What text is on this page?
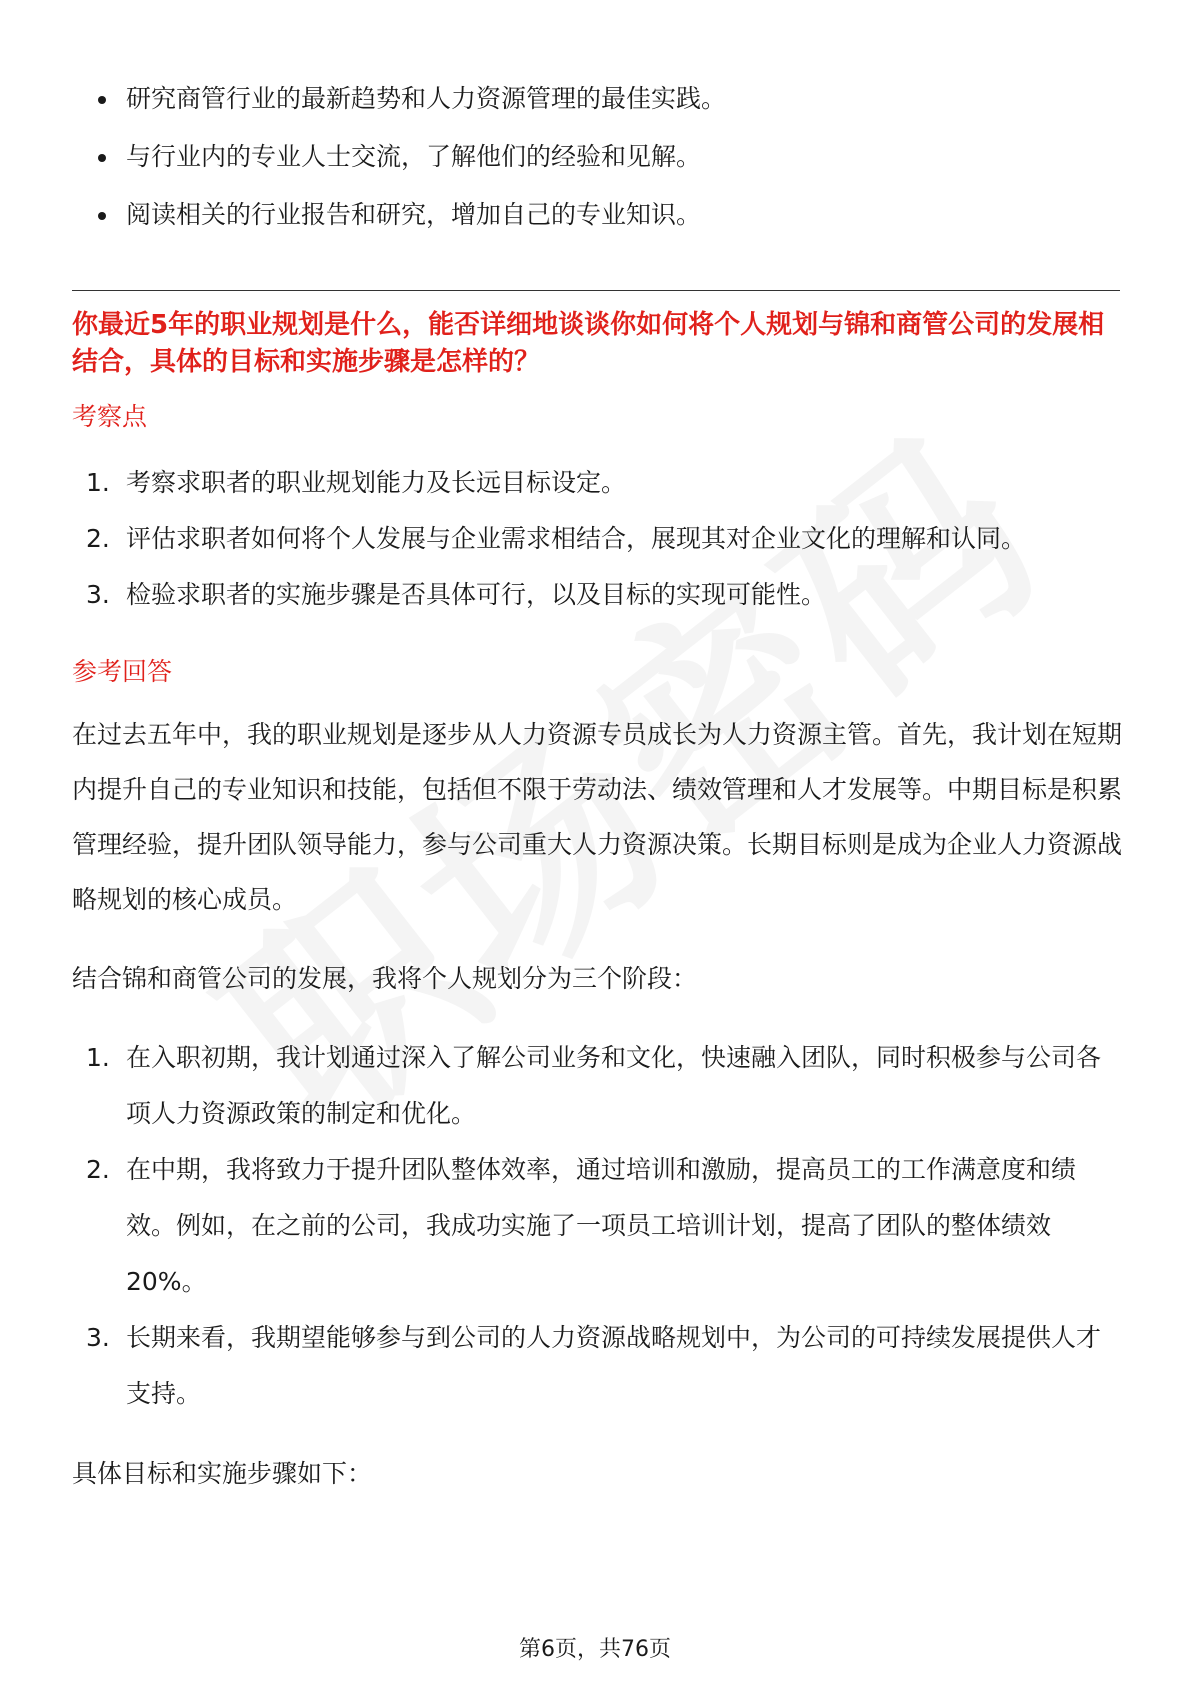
研究商管行业的最新趋势和人力资源管理的最佳实践。
与行业内的专业人士交流，了解他们的经验和见解。
阅读相关的行业报告和研究，增加自己的专业知识。

你最近5年的职业规划是什么，能否详细地谈谈你如何将个人规划与锦和商管公司的发展相结合，具体的目标和实施步骤是怎样的？

考察点
1. 考察求职者的职业规划能力及长远目标设定。
2. 评估求职者如何将个人发展与企业需求相结合，展现其对企业文化的理解和认同。
3. 检验求职者的实施步骤是否具体可行，以及目标的实现可能性。
参考回答

在过去五年中，我的职业规划是逐步从人力资源专员成长为人力资源主管。首先，我计划在短期内提升自己的专业知识和技能，包括但不限于劳动法、绩效管理和人才发展等。中期目标是积累管理经验，提升团队领导能力，参与公司重大人力资源决策。长期目标则是成为企业人力资源战略规划的核心成员。

结合锦和商管公司的发展，我将个人规划分为三个阶段：

1. 在入职初期，我计划通过深入了解公司业务和文化，快速融入团队，同时积极参与公司各项人力资源政策的制定和优化。
2. 在中期，我将致力于提升团队整体效率，通过培训和激励，提高员工的工作满意度和绩效。例如，在之前的公司，我成功实施了一项员工培训计划，提高了团队的整体绩效20%。
3. 长期来看，我期望能够参与到公司的人力资源战略规划中，为公司的可持续发展提供人才支持。

具体目标和实施步骤如下：

第6页，共76页
